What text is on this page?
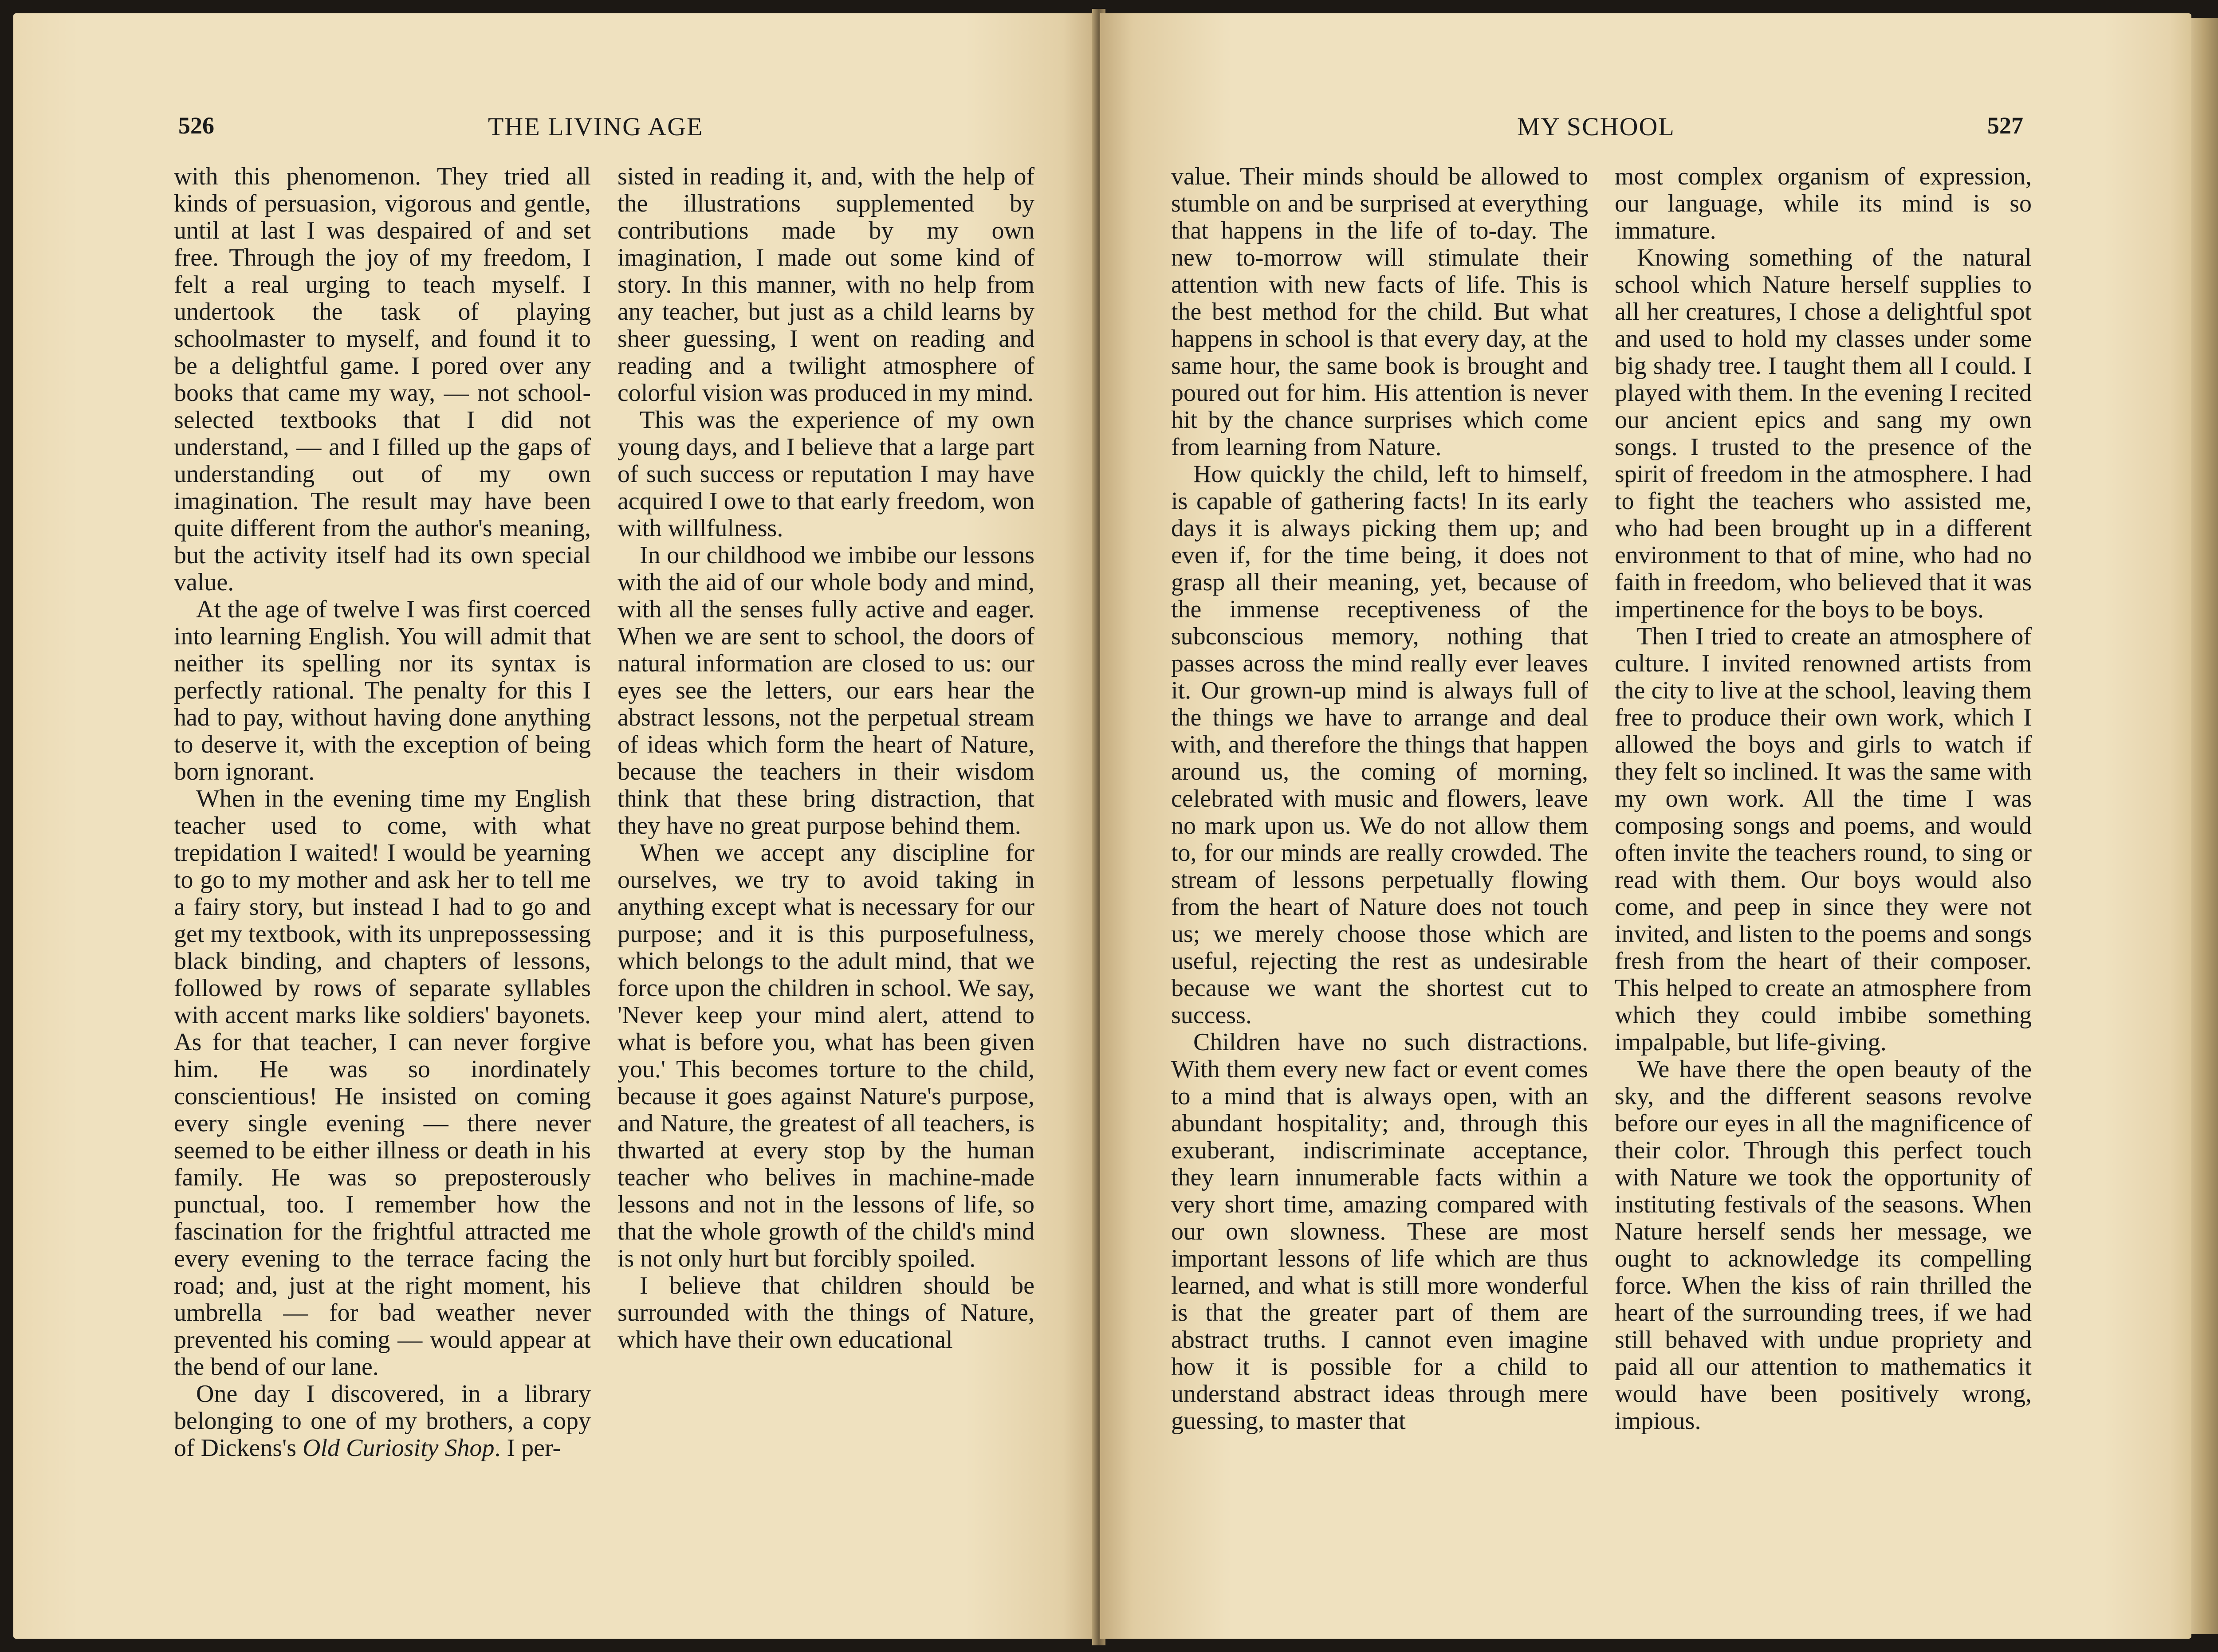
526	THE LIVING AGE

with this phenomenon. They tried all kinds of persuasion, vigorous and gentle, until at last I was despaired of and set free. Through the joy of my freedom, I felt a real urging to teach myself. I undertook the task of playing schoolmaster to myself, and found it to be a delightful game. I pored over any books that came my way, — not school-selected textbooks that I did not understand, — and I filled up the gaps of understanding out of my own imagination. The result may have been quite different from the author's meaning, but the activity itself had its own special value.

At the age of twelve I was first coerced into learning English. You will admit that neither its spelling nor its syntax is perfectly rational. The penalty for this I had to pay, without having done anything to deserve it, with the exception of being born ignorant.

When in the evening time my English teacher used to come, with what trepidation I waited! I would be yearning to go to my mother and ask her to tell me a fairy story, but instead I had to go and get my textbook, with its unprepossessing black binding, and chapters of lessons, followed by rows of separate syllables with accent marks like soldiers' bayonets. As for that teacher, I can never forgive him. He was so inordinately conscientious! He insisted on coming every single evening — there never seemed to be either illness or death in his family. He was so preposterously punctual, too. I remember how the fascination for the frightful attracted me every evening to the terrace facing the road; and, just at the right moment, his umbrella — for bad weather never prevented his coming — would appear at the bend of our lane.

One day I discovered, in a library belonging to one of my brothers, a copy of Dickens's Old Curiosity Shop. I per-

sisted in reading it, and, with the help of the illustrations supplemented by contributions made by my own imagination, I made out some kind of story. In this manner, with no help from any teacher, but just as a child learns by sheer guessing, I went on reading and reading and a twilight atmosphere of colorful vision was produced in my mind.

This was the experience of my own young days, and I believe that a large part of such success or reputation I may have acquired I owe to that early freedom, won with willfulness.

In our childhood we imbibe our lessons with the aid of our whole body and mind, with all the senses fully active and eager. When we are sent to school, the doors of natural information are closed to us: our eyes see the letters, our ears hear the abstract lessons, not the perpetual stream of ideas which form the heart of Nature, because the teachers in their wisdom think that these bring distraction, that they have no great purpose behind them.

When we accept any discipline for ourselves, we try to avoid taking in anything except what is necessary for our purpose; and it is this purposefulness, which belongs to the adult mind, that we force upon the children in school. We say, 'Never keep your mind alert, attend to what is before you, what has been given you.' This becomes torture to the child, because it goes against Nature's purpose, and Nature, the greatest of all teachers, is thwarted at every stop by the human teacher who belives in machine-made lessons and not in the lessons of life, so that the whole growth of the child's mind is not only hurt but forcibly spoiled.

I believe that children should be surrounded with the things of Nature, which have their own educational

MY SCHOOL	527

value. Their minds should be allowed to stumble on and be surprised at everything that happens in the life of to-day. The new to-morrow will stimulate their attention with new facts of life. This is the best method for the child. But what happens in school is that every day, at the same hour, the same book is brought and poured out for him. His attention is never hit by the chance surprises which come from learning from Nature.

How quickly the child, left to himself, is capable of gathering facts! In its early days it is always picking them up; and even if, for the time being, it does not grasp all their meaning, yet, because of the immense receptiveness of the subconscious memory, nothing that passes across the mind really ever leaves it. Our grown-up mind is always full of the things we have to arrange and deal with, and therefore the things that happen around us, the coming of morning, celebrated with music and flowers, leave no mark upon us. We do not allow them to, for our minds are really crowded. The stream of lessons perpetually flowing from the heart of Nature does not touch us; we merely choose those which are useful, rejecting the rest as undesirable because we want the shortest cut to success.

Children have no such distractions. With them every new fact or event comes to a mind that is always open, with an abundant hospitality; and, through this exuberant, indiscriminate acceptance, they learn innumerable facts within a very short time, amazing compared with our own slowness. These are most important lessons of life which are thus learned, and what is still more wonderful is that the greater part of them are abstract truths. I cannot even imagine how it is possible for a child to understand abstract ideas through mere guessing, to master that

most complex organism of expression, our language, while its mind is so immature.

Knowing something of the natural school which Nature herself supplies to all her creatures, I chose a delightful spot and used to hold my classes under some big shady tree. I taught them all I could. I played with them. In the evening I recited our ancient epics and sang my own songs. I trusted to the presence of the spirit of freedom in the atmosphere. I had to fight the teachers who assisted me, who had been brought up in a different environment to that of mine, who had no faith in freedom, who believed that it was impertinence for the boys to be boys.

Then I tried to create an atmosphere of culture. I invited renowned artists from the city to live at the school, leaving them free to produce their own work, which I allowed the boys and girls to watch if they felt so inclined. It was the same with my own work. All the time I was composing songs and poems, and would often invite the teachers round, to sing or read with them. Our boys would also come, and peep in since they were not invited, and listen to the poems and songs fresh from the heart of their composer. This helped to create an atmosphere from which they could imbibe something impalpable, but life-giving.

We have there the open beauty of the sky, and the different seasons revolve before our eyes in all the magnificence of their color. Through this perfect touch with Nature we took the opportunity of instituting festivals of the seasons. When Nature herself sends her message, we ought to acknowledge its compelling force. When the kiss of rain thrilled the heart of the surrounding trees, if we had still behaved with undue propriety and paid all our attention to mathematics it would have been positively wrong, impious.
